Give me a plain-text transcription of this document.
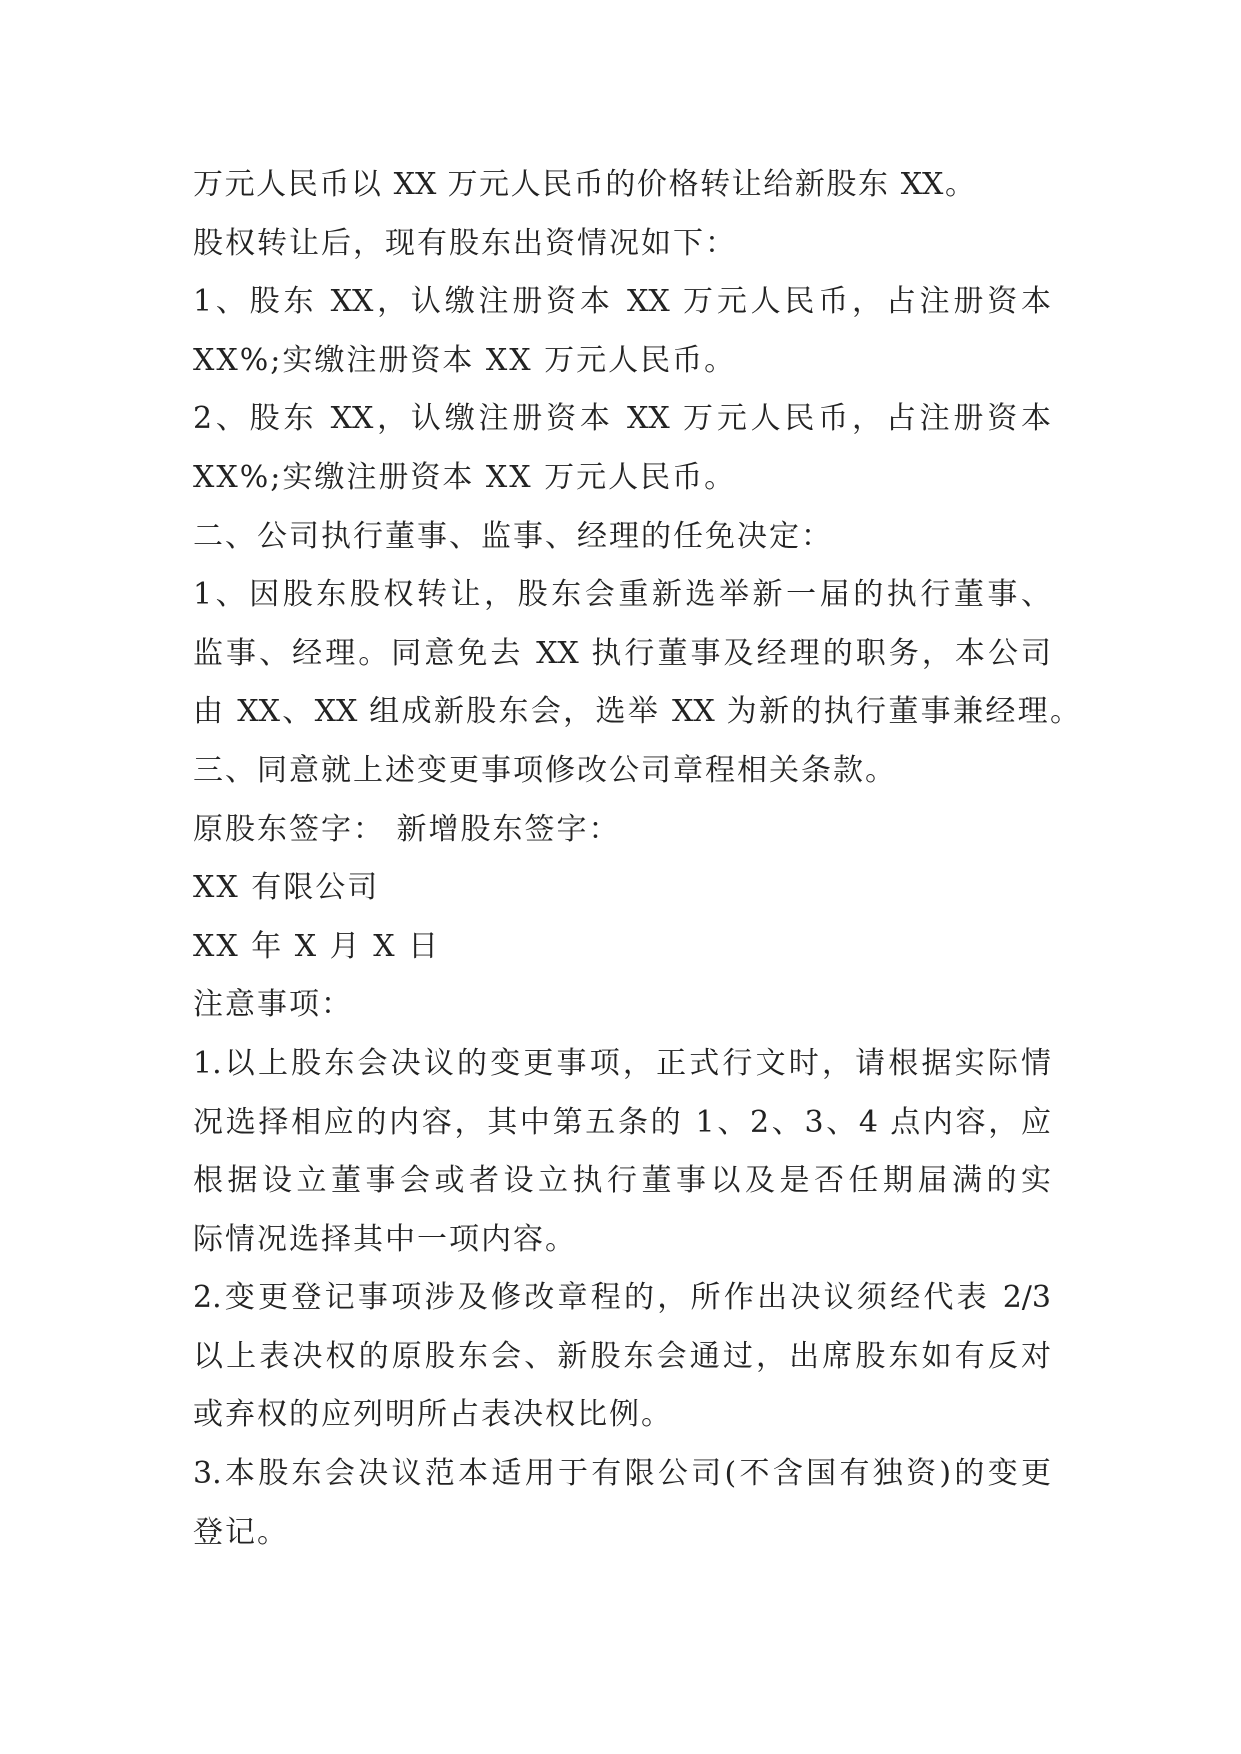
万元人民币以 XX 万元人民币的价格转让给新股东 XX。
股权转让后，现有股东出资情况如下：
1、股东 XX，认缴注册资本 XX 万元人民币，占注册资本
XX%;实缴注册资本 XX 万元人民币。
2、股东 XX，认缴注册资本 XX 万元人民币，占注册资本
XX%;实缴注册资本 XX 万元人民币。
二、公司执行董事、监事、经理的任免决定：
1、因股东股权转让，股东会重新选举新一届的执行董事、
监事、经理。同意免去 XX 执行董事及经理的职务，本公司
由 XX、XX 组成新股东会，选举 XX 为新的执行董事兼经理。
三、同意就上述变更事项修改公司章程相关条款。
原股东签字： 新增股东签字：
XX 有限公司
XX 年 X 月 X 日
注意事项：
1.以上股东会决议的变更事项，正式行文时，请根据实际情
况选择相应的内容，其中第五条的 1、2、3、4 点内容，应
根据设立董事会或者设立执行董事以及是否任期届满的实
际情况选择其中一项内容。
2.变更登记事项涉及修改章程的，所作出决议须经代表 2/3
以上表决权的原股东会、新股东会通过，出席股东如有反对
或弃权的应列明所占表决权比例。
3.本股东会决议范本适用于有限公司(不含国有独资)的变更
登记。
